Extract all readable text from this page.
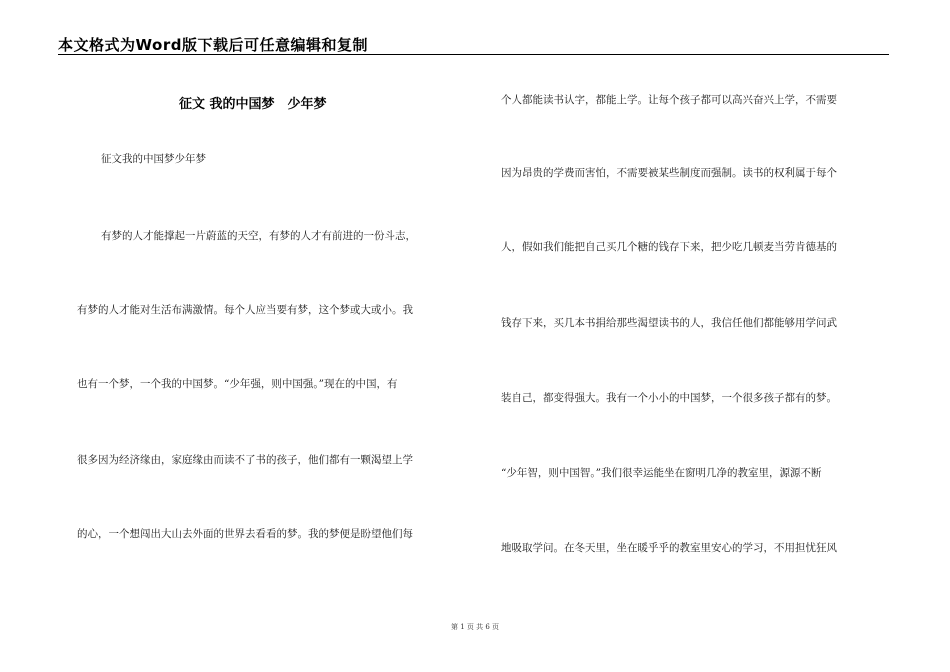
本文格式为Word版下载后可任意编辑和复制
征文 我的中国梦　少年梦
征文我的中国梦少年梦
有梦的人才能撑起一片蔚蓝的天空，有梦的人才有前进的一份斗志，
有梦的人才能对生活布满激情。每个人应当要有梦，这个梦或大或小。我
也有一个梦，一个我的中国梦。“少年强，则中国强。”现在的中国，有
很多因为经济缘由，家庭缘由而读不了书的孩子，他们都有一颗渴望上学
的心，一个想闯出大山去外面的世界去看看的梦。我的梦便是盼望他们每
个人都能读书认字，都能上学。让每个孩子都可以高兴奋兴上学，不需要
因为昂贵的学费而害怕，不需要被某些制度而强制。读书的权利属于每个
人，假如我们能把自己买几个糖的钱存下来，把少吃几顿麦当劳肯德基的
钱存下来，买几本书捐给那些渴望读书的人，我信任他们都能够用学问武
装自己，都变得强大。我有一个小小的中国梦，一个很多孩子都有的梦。
“少年智，则中国智。”我们很幸运能坐在窗明几净的教室里，源源不断
地吸取学问。在冬天里，坐在暖乎乎的教室里安心的学习，不用担忧狂风
第 1 页 共 6 页
